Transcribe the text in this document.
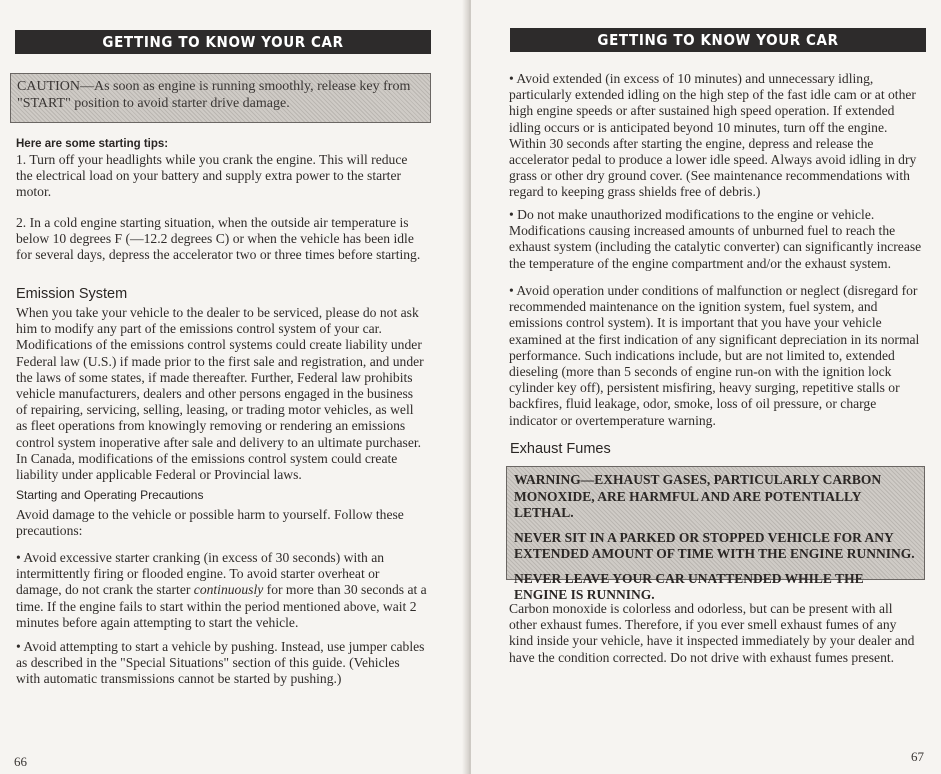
GETTING TO KNOW YOUR CAR
CAUTION—As soon as engine is running smoothly, release key from "START" position to avoid starter drive damage.
Here are some starting tips:

1. Turn off your headlights while you crank the engine. This will reduce the electrical load on your battery and supply extra power to the starter motor.

2. In a cold engine starting situation, when the outside air temperature is below 10 degrees F (—12.2 degrees C) or when the vehicle has been idle for several days, depress the accelerator two or three times before starting.

Emission System

When you take your vehicle to the dealer to be serviced, please do not ask him to modify any part of the emissions control system of your car. Modifications of the emissions control systems could create liability under Federal law (U.S.) if made prior to the first sale and registration, and under the laws of some states, if made thereafter. Further, Federal law prohibits vehicle manufacturers, dealers and other persons engaged in the business of repairing, servicing, selling, leasing, or trading motor vehicles, as well as fleet operations from knowingly removing or rendering an emissions control system inoperative after sale and delivery to an ultimate purchaser. In Canada, modifications of the emissions control system could create liability under applicable Federal or Provincial laws.

Starting and Operating Precautions

Avoid damage to the vehicle or possible harm to yourself. Follow these precautions:

• Avoid excessive starter cranking (in excess of 30 seconds) with an intermittently firing or flooded engine. To avoid starter overheat or damage, do not crank the starter continuously for more than 30 seconds at a time. If the engine fails to start within the period mentioned above, wait 2 minutes before again attempting to start the vehicle.

• Avoid attempting to start a vehicle by pushing. Instead, use jumper cables as described in the "Special Situations" section of this guide. (Vehicles with automatic transmissions cannot be started by pushing.)

66
GETTING TO KNOW YOUR CAR

• Avoid extended (in excess of 10 minutes) and unnecessary idling, particularly extended idling on the high step of the fast idle cam or at other high engine speeds or after sustained high speed operation. If extended idling occurs or is anticipated beyond 10 minutes, turn off the engine. Within 30 seconds after starting the engine, depress and release the accelerator pedal to produce a lower idle speed. Always avoid idling in dry grass or other dry ground cover. (See maintenance recommendations with regard to keeping grass shields free of debris.)

• Do not make unauthorized modifications to the engine or vehicle. Modifications causing increased amounts of unburned fuel to reach the exhaust system (including the catalytic converter) can significantly increase the temperature of the engine compartment and/or the exhaust system.

• Avoid operation under conditions of malfunction or neglect (disregard for recommended maintenance on the ignition system, fuel system, and emissions control system). It is important that you have your vehicle examined at the first indication of any significant depreciation in its normal performance. Such indications include, but are not limited to, extended dieseling (more than 5 seconds of engine run-on with the ignition lock cylinder key off), persistent misfiring, heavy surging, repetitive stalls or backfires, fluid leakage, odor, smoke, loss of oil pressure, or charge indicator or overtemperature warning.

Exhaust Fumes

WARNING—EXHAUST GASES, PARTICULARLY CARBON MONOXIDE, ARE HARMFUL AND ARE POTENTIALLY LETHAL.

NEVER SIT IN A PARKED OR STOPPED VEHICLE FOR ANY EXTENDED AMOUNT OF TIME WITH THE ENGINE RUNNING.

NEVER LEAVE YOUR CAR UNATTENDED WHILE THE ENGINE IS RUNNING.

Carbon monoxide is colorless and odorless, but can be present with all other exhaust fumes. Therefore, if you ever smell exhaust fumes of any kind inside your vehicle, have it inspected immediately by your dealer and have the condition corrected. Do not drive with exhaust fumes present.

67
